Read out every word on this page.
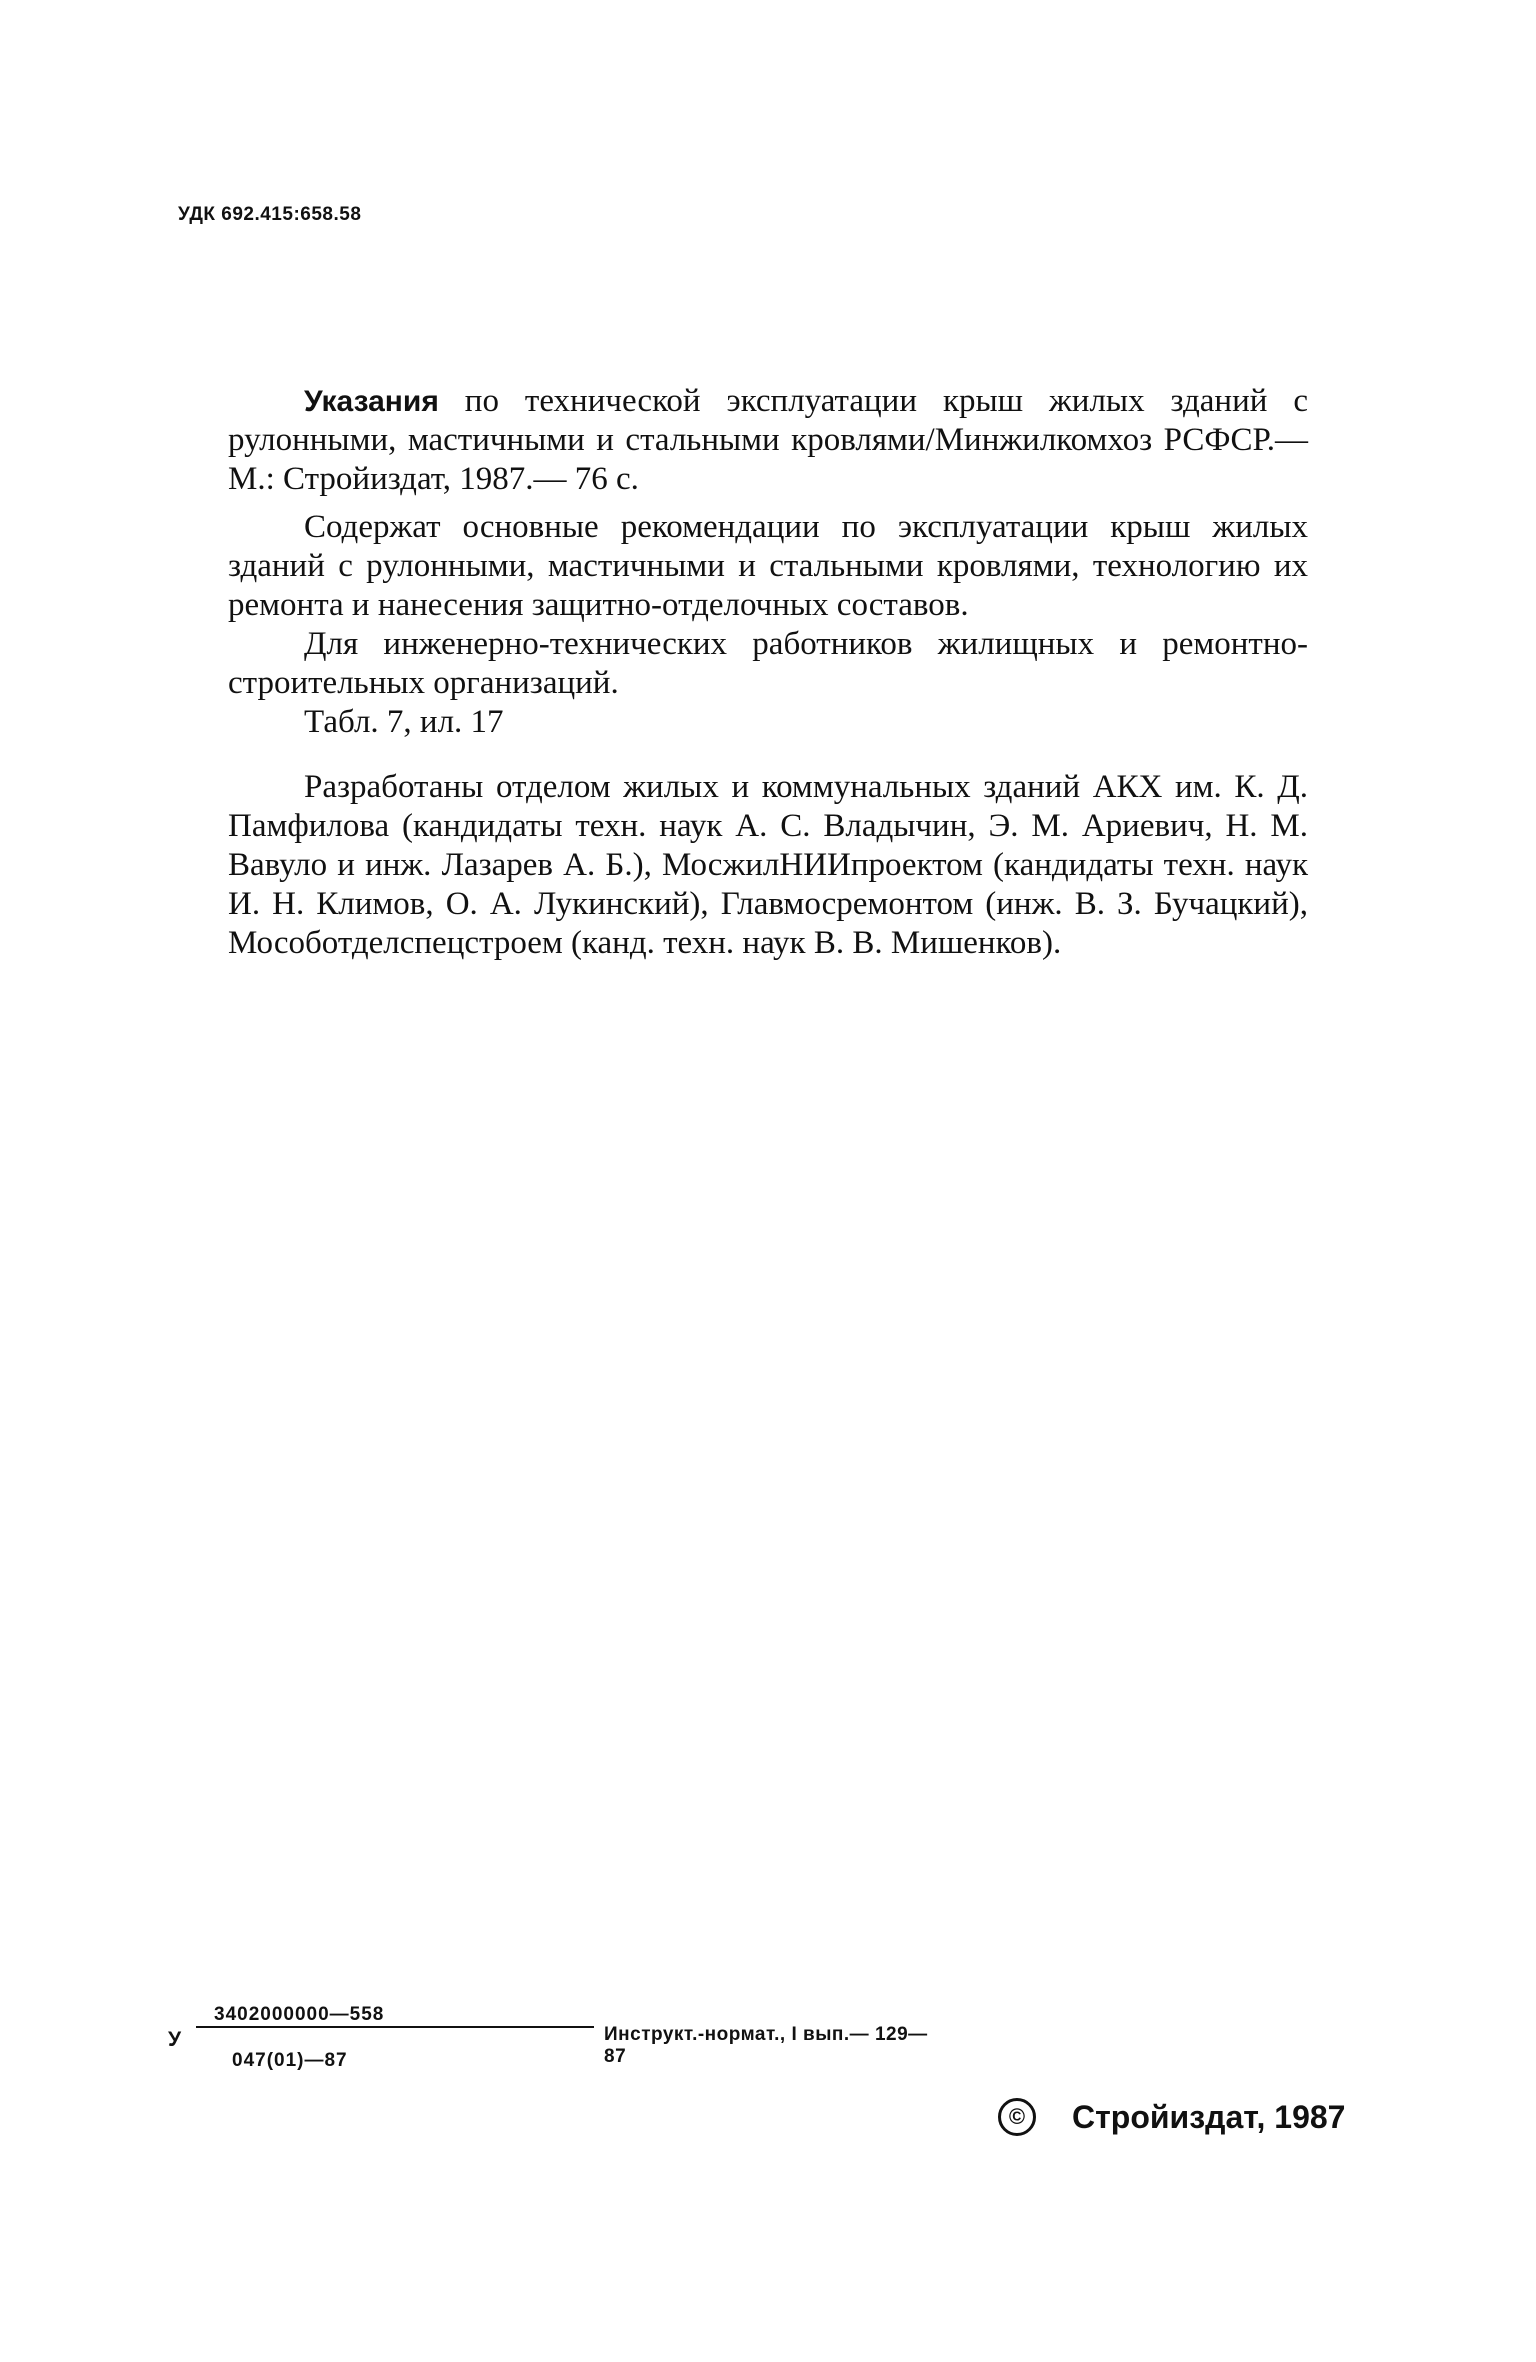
УДК 692.415:658.58

Указания по технической эксплуатации крыш жилых зданий с рулонными, мастичными и стальными кровлями/Минжилкомхоз РСФСР.— М.: Стройиздат, 1987.— 76 с.

Содержат основные рекомендации по эксплуатации крыш жилых зданий с рулонными, мастичными и стальными кровлями, технологию их ремонта и нанесения защитно-отделочных составов.

Для инженерно-технических работников жилищных и ремонтно-строительных организаций.

Табл. 7, ил. 17

Разработаны отделом жилых и коммунальных зданий АКХ им. К. Д. Памфилова (кандидаты техн. наук А. С. Владычин, Э. М. Ариевич, Н. М. Вавуло и инж. Лазарев А. Б.), МосжилНИИпроектом (кандидаты техн. наук И. Н. Климов, О. А. Лукинский), Главмосремонтом (инж. В. З. Бучацкий), Мособотделспецстроем (канд. техн. наук В. В. Мишенков).

У
3402000000—558
047(01)—87
Инструкт.-нормат., I вып.— 129—87
©	Стройиздат, 1987
